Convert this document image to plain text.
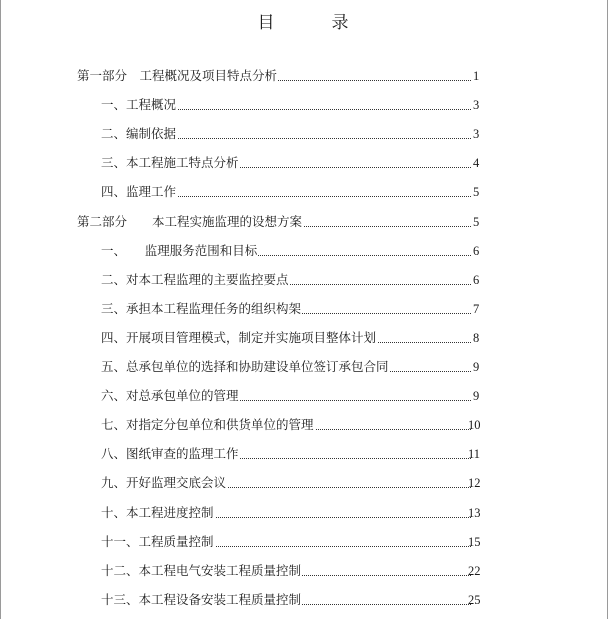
目　录
第一部分　工程概况及项目特点分析	1
一、工程概况	3
二、编制依据	3
三、本工程施工特点分析	4
四、监理工作	5
第二部分　　本工程实施监理的设想方案	5
一、　　监理服务范围和目标	6
二、对本工程监理的主要监控要点	6
三、承担本工程监理任务的组织构架	7
四、开展项目管理模式，制定并实施项目整体计划	8
五、总承包单位的选择和协助建设单位签订承包合同	9
六、对总承包单位的管理	9
七、对指定分包单位和供货单位的管理	10
八、图纸审查的监理工作	11
九、开好监理交底会议	12
十、本工程进度控制	13
十一、工程质量控制	15
十二、本工程电气安装工程质量控制	22
十三、本工程设备安装工程质量控制	25
